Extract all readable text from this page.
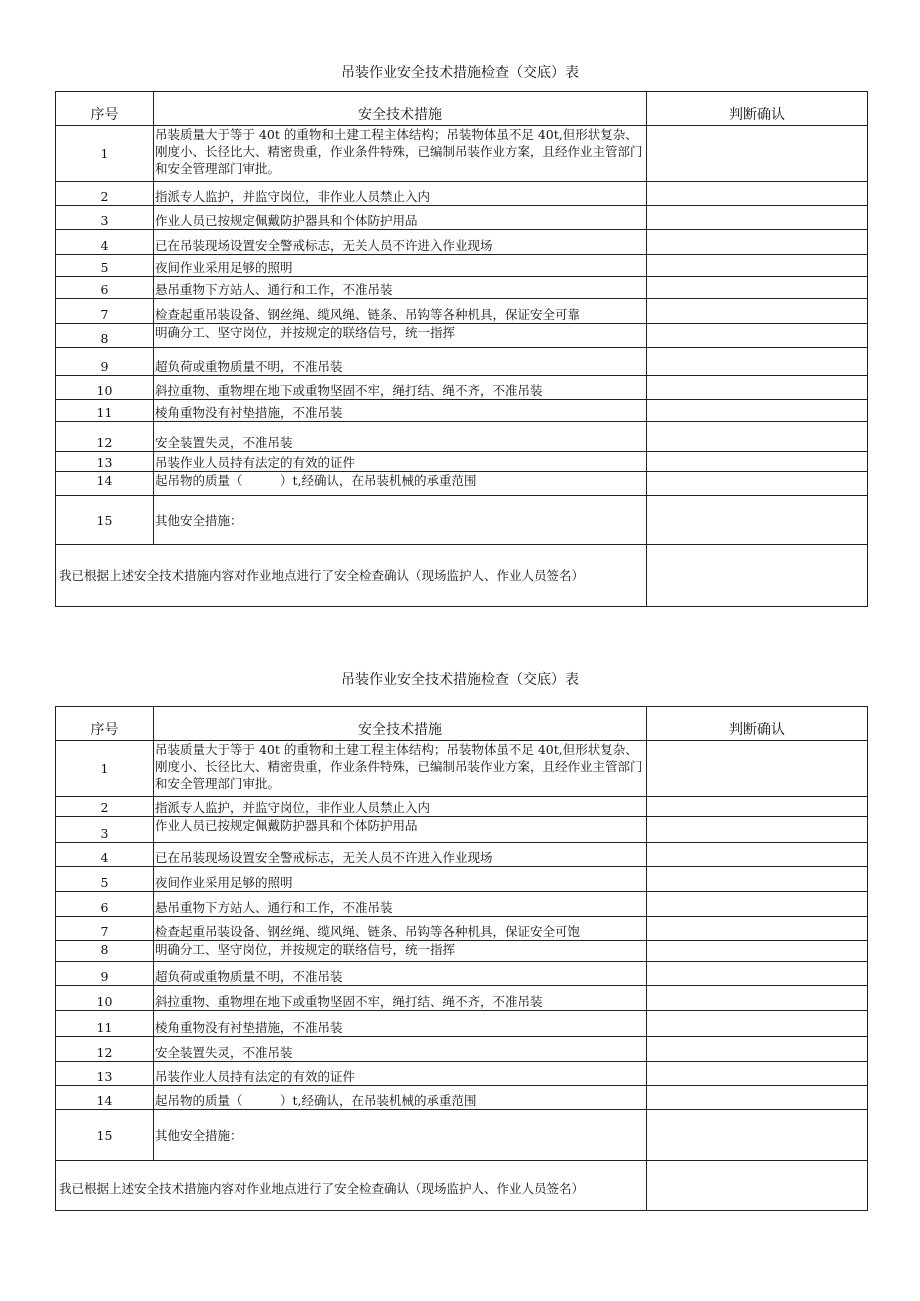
吊装作业安全技术措施检查（交底）表
序号	安全技术措施	判断确认
1	吊装质量大于等于 40t 的重物和土建工程主体结构；吊装物体虽不足 40t,但形状复杂、刚度小、长径比大、精密贵重，作业条件特殊，已编制吊装作业方案，且经作业主管部门和安全管理部门审批。	
2	指派专人监护，并监守岗位，非作业人员禁止入内	
3	作业人员已按规定佩戴防护器具和个体防护用品	
4	已在吊装现场设置安全警戒标志，无关人员不许进入作业现场	
5	夜间作业采用足够的照明	
6	悬吊重物下方站人、通行和工作，不准吊装	
7	检查起重吊装设备、钢丝绳、缆风绳、链条、吊钩等各种机具，保证安全可靠	
8	明确分工、坚守岗位，并按规定的联络信号，统一指挥	
9	超负荷或重物质量不明，不准吊装	
10	斜拉重物、重物埋在地下或重物坚固不牢，绳打结、绳不齐，不准吊装	
11	棱角重物没有衬垫措施，不准吊装	
12	安全装置失灵，不准吊装	
13	吊装作业人员持有法定的有效的证件	
14	起吊物的质量（　　　）t,经确认，在吊装机械的承重范围	
15	其他安全措施：	
我已根据上述安全技术措施内容对作业地点进行了安全检查确认（现场监护人、作业人员签名）		
吊装作业安全技术措施检查（交底）表
序号	安全技术措施	判断确认
1	吊装质量大于等于 40t 的重物和土建工程主体结构；吊装物体虽不足 40t,但形状复杂、刚度小、长径比大、精密贵重，作业条件特殊，已编制吊装作业方案，且经作业主管部门和安全管理部门审批。	
2	指派专人监护，并监守岗位，非作业人员禁止入内	
3	作业人员已按规定佩戴防护器具和个体防护用品	
4	已在吊装现场设置安全警戒标志，无关人员不许进入作业现场	
5	夜间作业采用足够的照明	
6	悬吊重物下方站人、通行和工作，不准吊装	
7	检查起重吊装设备、钢丝绳、缆风绳、链条、吊钩等各种机具，保证安全可饱	
8	明确分工、坚守岗位，并按规定的联络信号，统一指挥	
9	超负荷或重物质量不明，不准吊装	
10	斜拉重物、重物埋在地下或重物坚固不牢，绳打结、绳不齐，不准吊装	
11	棱角重物没有衬垫措施，不准吊装	
12	安全装置失灵，不准吊装	
13	吊装作业人员持有法定的有效的证件	
14	起吊物的质量（　　　）t,经确认，在吊装机械的承重范围	
15	其他安全措施：	
我已根据上述安全技术措施内容对作业地点进行了安全检查确认（现场监护人、作业人员签名）		
